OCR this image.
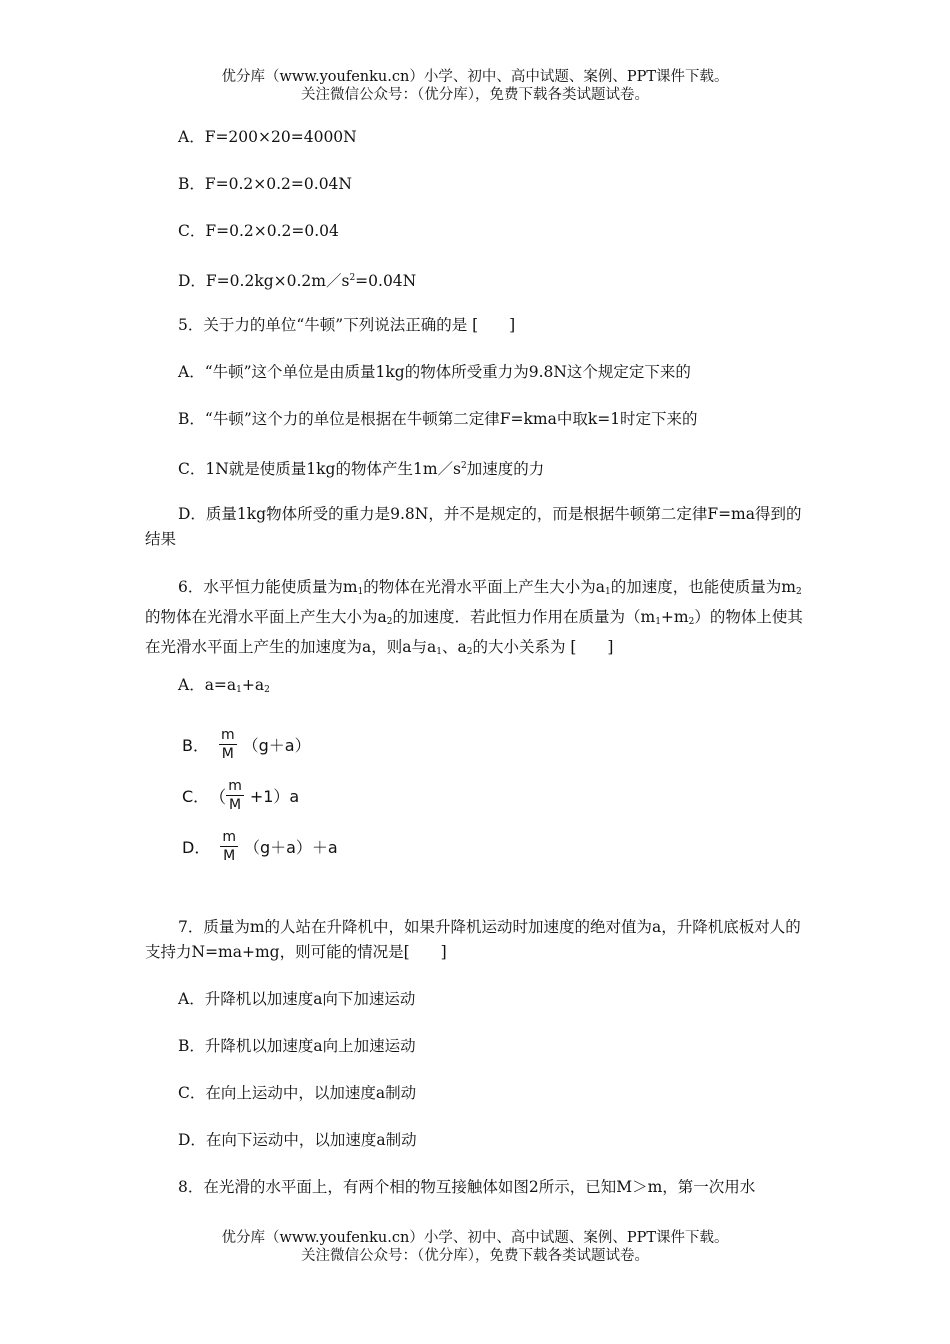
优分库（www.youfenku.cn）小学、初中、高中试题、案例、PPT课件下载。
关注微信公众号：（优分库），免费下载各类试题试卷。
A．F=200×20=4000N
B．F=0.2×0.2=0.04N
C．F=0.2×0.2=0.04
D．$F=0.2kg\times 0.2m/s^2=0.04N$
5．关于力的单位“牛顿”下列说法正确的是 [　　]
A．“牛顿”这个单位是由质量1kg的物体所受重力为9.8N这个规定定下来的
B．“牛顿”这个力的单位是根据在牛顿第二定律F=kma中取k=1时定下来的
C．1N就是使质量1kg的物体产生$1m/s^2$加速度的力
D．质量1kg物体所受的重力是9.8N，并不是规定的，而是根据牛顿第二定律F=ma得到的结果
6．水平恒力能使质量为$m_1$的物体在光滑水平面上产生大小为$a_1$的加速度，也能使质量为$m_2$的物体在光滑水平面上产生大小为$a_2$的加速度．若此恒力作用在质量为$(m_1+m_2)$的物体上使其在光滑水平面上产生的加速度为a，则a与$a_1$、$a_2$的大小关系为 [　　]
A．$a=a_1+a_2$
B． $\frac{m}{M} (g+a)$
C． （ $\frac{m}{M} +1)a$
D． $\frac{m}{M} (g+a)+a$
7．质量为m的人站在升降机中，如果升降机运动时加速度的绝对值为a，升降机底板对人的支持力N=ma+mg，则可能的情况是[　　]
A．升降机以加速度a向下加速运动
B．升降机以加速度a向上加速运动
C．在向上运动中，以加速度a制动
D．在向下运动中，以加速度a制动
8．在光滑的水平面上，有两个相的物互接触体如图2所示，已知M＞m，第一次用水
优分库（www.youfenku.cn）小学、初中、高中试题、案例、PPT课件下载。
关注微信公众号：（优分库），免费下载各类试题试卷。
